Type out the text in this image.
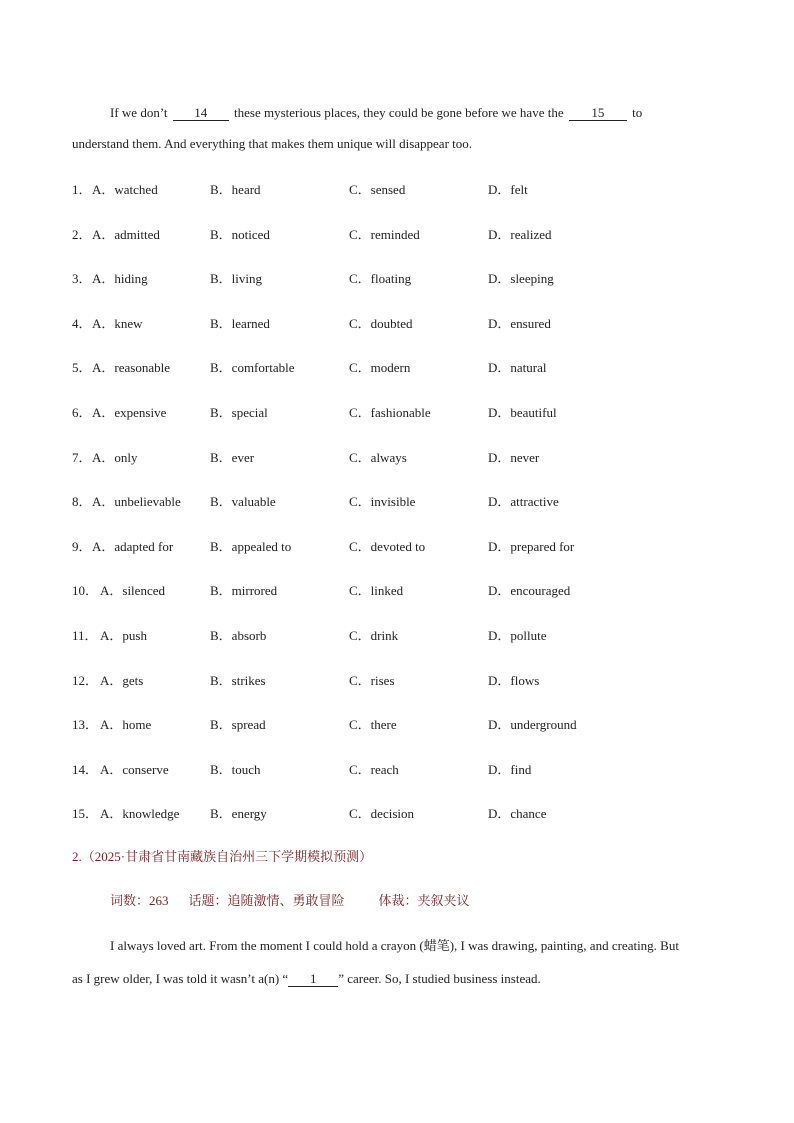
If we don’t 14 these mysterious places, they could be gone before we have the 15 to
understand them. And everything that makes them unique will disappear too.
1． A．watched	B．heard	C．sensed	D．felt
2． A．admitted	B．noticed	C．reminded	D．realized
3． A．hiding	B．living	C．floating	D．sleeping
4． A．knew	B．learned	C．doubted	D．ensured
5． A．reasonable	B．comfortable	C．modern	D．natural
6． A．expensive	B．special	C．fashionable	D．beautiful
7． A．only	B．ever	C．always	D．never
8． A．unbelievable B．valuable	C．invisible	D．attractive
9． A．adapted for	B．appealed to	C．devoted to	D．prepared for
10． A．silenced	B．mirrored	C．linked	D．encouraged
11． A．push	B．absorb	C．drink	D．pollute
12． A．gets	B．strikes	C．rises	D．flows
13． A．home	B．spread	C．there	D．underground
14． A．conserve	B．touch	C．reach	D．find
15． A．knowledge B．energy	C．decision	D．chance
2.（2025·甘肃省甘南藏族自治州三下学期模拟预测）
词数：263 话题：追随激情、勇敢冒险	体裁：夹叙夹议
I always loved art. From the moment I could hold a crayon (蜡笔), I was drawing, painting, and creating. But
as I grew older, I was told it wasn’t a(n) “ 1 ” career. So, I studied business instead.
